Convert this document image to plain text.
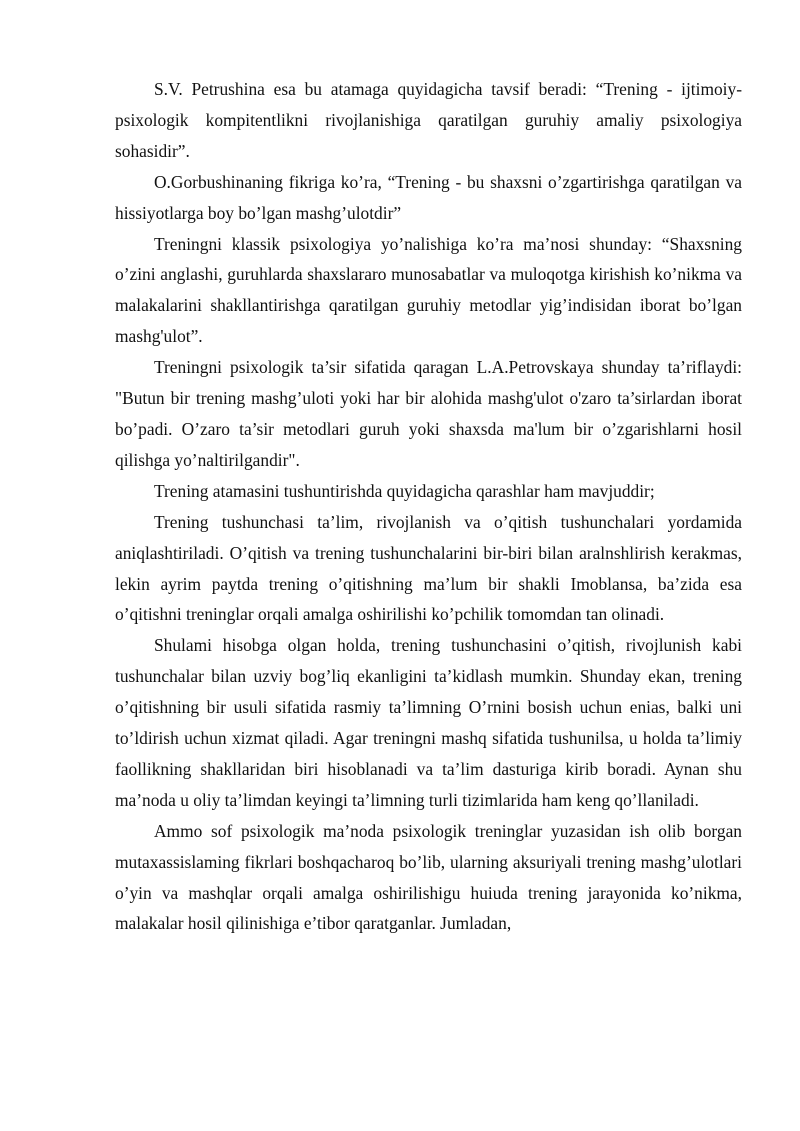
S.V. Petrushina esa bu atamaga quyidagicha tavsif beradi: “Trening - ijtimoiy- psixologik kompitentlikni rivojlanishiga qaratilgan guruhiy amaliy psixologiya sohasidir”.

O.Gorbushinaning fikriga ko’ra, “Trening - bu shaxsni o’zgartirishga qaratilgan va hissiyotlarga boy bo’lgan mashg’ulotdir”

Treningni klassik psixologiya yo’nalishiga ko’ra ma’nosi shunday: “Shaxsning o’zini anglashi, guruhlarda shaxslararo munosabatlar va muloqotga kirishish ko’nikma va malakalarini shakllantirishga qaratilgan guruhiy metodlar yig’indisidan iborat bo’lgan mashg'ulot”.

Treningni psixologik ta’sir sifatida qaragan L.A.Petrovskaya shunday ta’riflaydi: "Butun bir trening mashg’uloti yoki har bir alohida mashg'ulot o'zaro ta’sirlardan iborat bo’padi. O’zaro ta’sir metodlari guruh yoki shaxsda ma'lum bir o’zgarishlarni hosil qilishga yo’naltirilgandir".

Trening atamasini tushuntirishda quyidagicha qarashlar ham mavjuddir;

Trening tushunchasi ta’lim, rivojlanish va o’qitish tushunchalari yordamida aniqlashtiriladi. O’qitish va trening tushunchalarini bir-biri bilan aralnshlirish kerakmas, lekin ayrim paytda trening o’qitishning ma’lum bir shakli Imoblansa, ba’zida esa o’qitishni treninglar orqali amalga oshirilishi ko’pchilik tomomdan tan olinadi.

Shulami hisobga olgan holda, trening tushunchasini o’qitish, rivojlunish kabi tushunchalar bilan uzviy bog’liq ekanligini ta’kidlash mumkin. Shunday ekan, trening o’qitishning bir usuli sifatida rasmiy ta’limning O’rnini bosish uchun enias, balki uni to’ldirish uchun xizmat qiladi. Agar treningni mashq sifatida tushunilsa, u holda ta’limiy faollikning shakllaridan biri hisoblanadi va ta’lim dasturiga kirib boradi. Aynan shu ma’noda u oliy ta’limdan keyingi ta’limning turli tizimlarida ham keng qo’llaniladi.

Ammo sof psixologik ma’noda psixologik treninglar yuzasidan ish olib borgan mutaxassislaming fikrlari boshqacharoq bo’lib, ularning aksuriyali trening mashg’ulotlari o’yin va mashqlar orqali amalga oshirilishigu huiuda trening jarayonida ko’nikma, malakalar hosil qilinishiga e’tibor qaratganlar. Jumladan,
